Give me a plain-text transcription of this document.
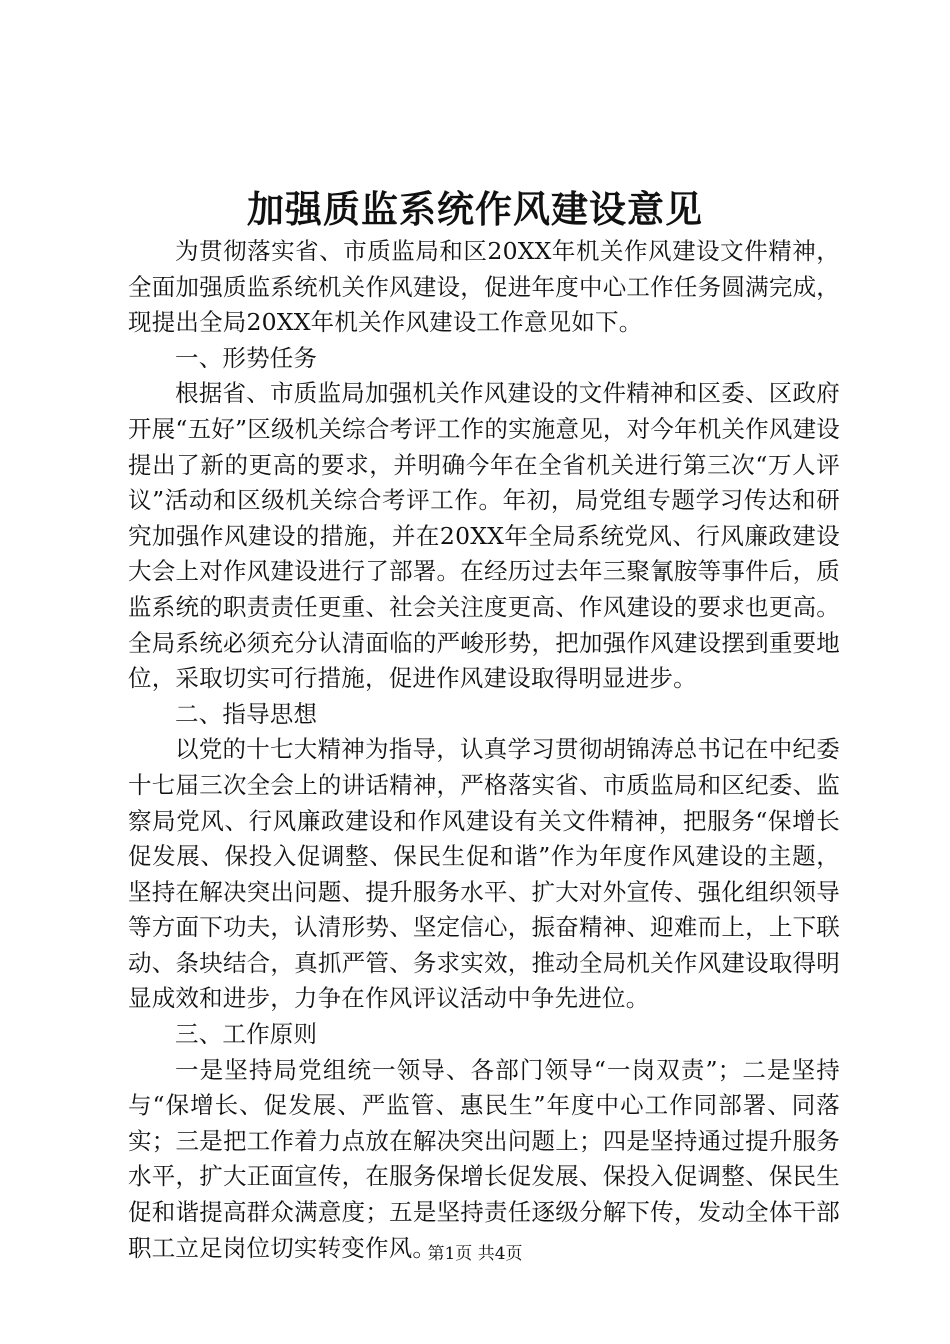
加强质监系统作风建设意见

为贯彻落实省、市质监局和区20XX年机关作风建设文件精神，全面加强质监系统机关作风建设，促进年度中心工作任务圆满完成，现提出全局20XX年机关作风建设工作意见如下。

一、形势任务

根据省、市质监局加强机关作风建设的文件精神和区委、区政府开展“五好”区级机关综合考评工作的实施意见，对今年机关作风建设提出了新的更高的要求，并明确今年在全省机关进行第三次“万人评议”活动和区级机关综合考评工作。年初，局党组专题学习传达和研究加强作风建设的措施，并在20XX年全局系统党风、行风廉政建设大会上对作风建设进行了部署。在经历过去年三聚氰胺等事件后，质监系统的职责责任更重、社会关注度更高、作风建设的要求也更高。全局系统必须充分认清面临的严峻形势，把加强作风建设摆到重要地位，采取切实可行措施，促进作风建设取得明显进步。

二、指导思想

以党的十七大精神为指导，认真学习贯彻胡锦涛总书记在中纪委十七届三次全会上的讲话精神，严格落实省、市质监局和区纪委、监察局党风、行风廉政建设和作风建设有关文件精神，把服务“保增长促发展、保投入促调整、保民生促和谐”作为年度作风建设的主题，坚持在解决突出问题、提升服务水平、扩大对外宣传、强化组织领导等方面下功夫，认清形势、坚定信心，振奋精神、迎难而上，上下联动、条块结合，真抓严管、务求实效，推动全局机关作风建设取得明显成效和进步，力争在作风评议活动中争先进位。

三、工作原则

一是坚持局党组统一领导、各部门领导“一岗双责”；二是坚持与“保增长、促发展、严监管、惠民生”年度中心工作同部署、同落实；三是把工作着力点放在解决突出问题上；四是坚持通过提升服务水平，扩大正面宣传，在服务保增长促发展、保投入促调整、保民生促和谐提高群众满意度；五是坚持责任逐级分解下传，发动全体干部职工立足岗位切实转变作风。

第1页 共4页
